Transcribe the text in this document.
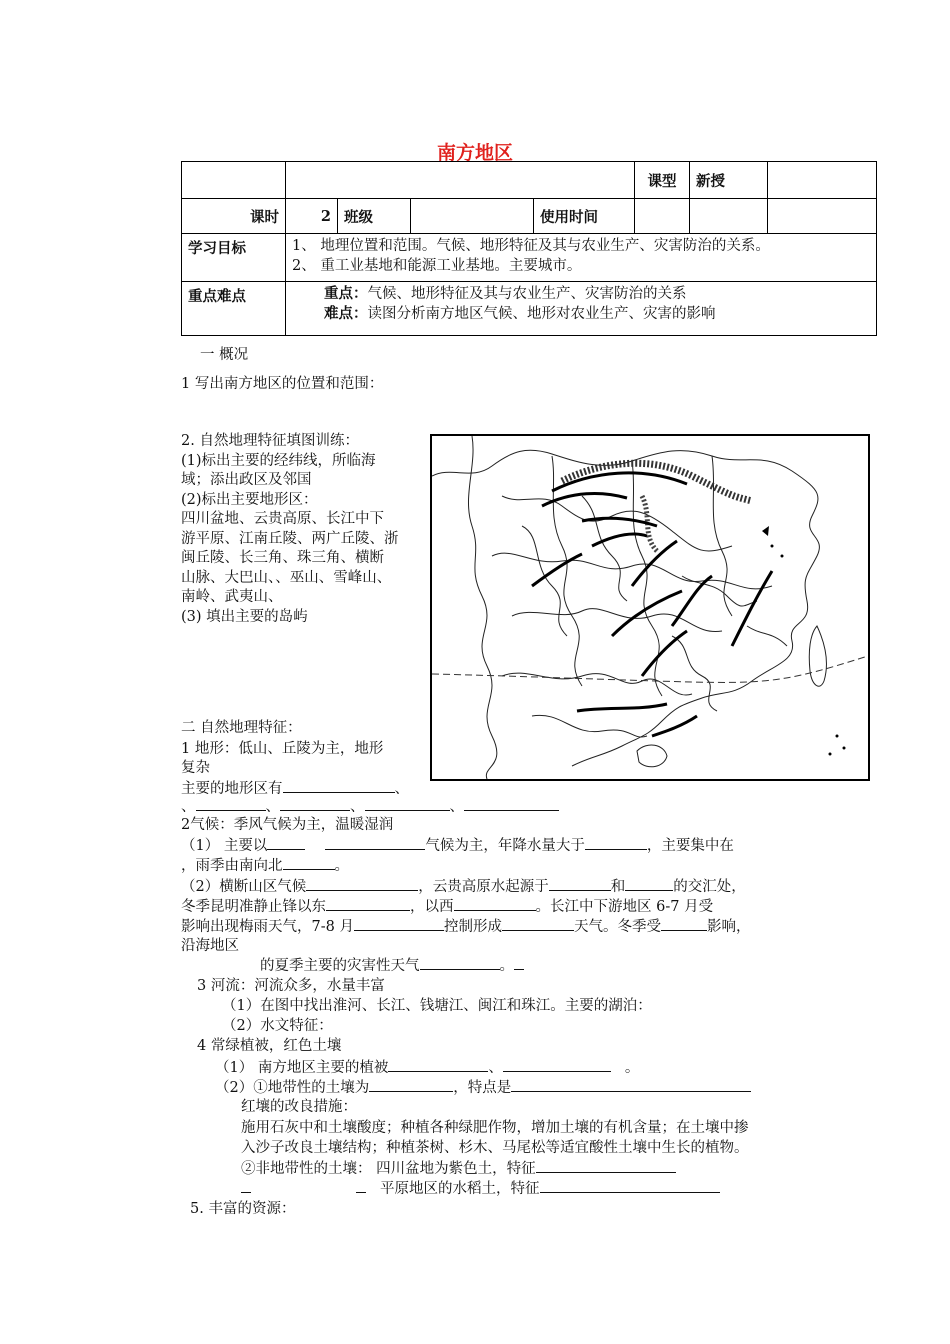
南方地区
					课型	新授	
课时	2	班级		使用时间			
学习目标	1、 地理位置和范围。气候、地形特征及其与农业生产、灾害防治的关系。
2、 重工业基地和能源工业基地。主要城市。						

重点难点	重点：气候、地形特征及其与农业生产、灾害防治的关系
难点：读图分析南方地区气候、地形对农业生产、灾害的影响						
一 概况
1 写出南方地区的位置和范围：
2. 自然地理特征填图训练：
(1)标出主要的经纬线，所临海
域；添出政区及邻国
(2)标出主要地形区：
四川盆地、云贵高原、长江中下
游平原、江南丘陵、两广丘陵、浙
闽丘陵、长三角、珠三角、横断
山脉、大巴山、、巫山、雪峰山、
南岭、武夷山、
(3) 填出主要的岛屿
二 自然地理特征：
1 地形：低山、丘陵为主，地形
复杂
主要的地形区有	、
、	、	、	、
2气候：季风气候为主，温暖湿润
（1） 主要以	气候为主，年降水量大于	，主要集中在
，雨季由南向北	。
（2）横断山区气候	，云贵高原水起源于	和	的交汇处，
冬季昆明准静止锋以东	，以西	。长江中下游地区 6-7 月受
影响出现梅雨天气，7-8 月	控制形成	天气。冬季受	影响，
沿海地区
的夏季主要的灾害性天气	。
3 河流：河流众多，水量丰富
（1）在图中找出淮河、长江、钱塘江、闽江和珠江。主要的湖泊：
（2）水文特征：
4 常绿植被，红色土壤
（1） 南方地区主要的植被	、	。
（2）①地带性的土壤为	，特点是
红壤的改良措施：
施用石灰中和土壤酸度；种植各种绿肥作物，增加土壤的有机含量；在土壤中掺
入沙子改良土壤结构；种植茶树、杉木、马尾松等适宜酸性土壤中生长的植物。
②非地带性的土壤： 四川盆地为紫色土，特征
平原地区的水稻土，特征
5. 丰富的资源：
